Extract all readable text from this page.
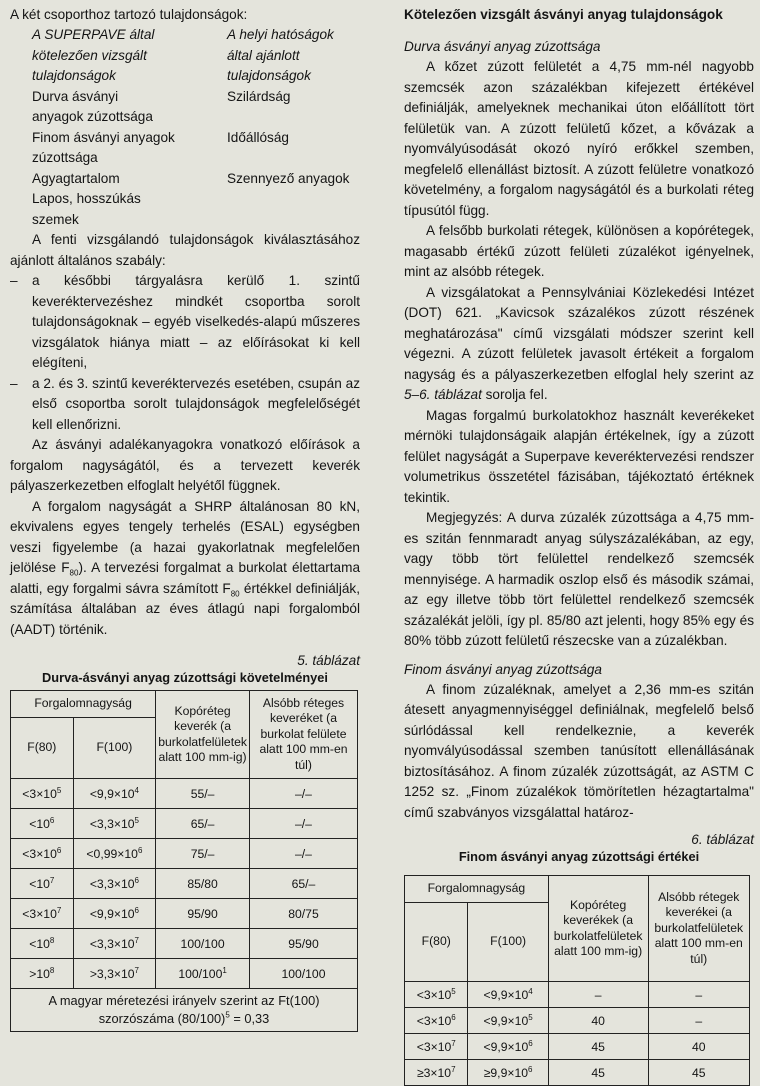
A két csoporthoz tartozó tulajdonságok:

A SUPERPAVE által	A helyi hatóságok
kötelezően vizsgált	által ajánlott
tulajdonságok	tulajdonságok
Durva ásványi	Szilárdság
anyagok zúzottsága
Finom ásványi anyagok	Időállóság
zúzottsága
Agyagtartalom	Szennyező anyagok
Lapos, hosszúkás
szemek

A fenti vizsgálandó tulajdonságok kiválasztásához ajánlott általános szabály:

–	a későbbi tárgyalásra kerülő 1. szintű keveréktervezéshez mindkét csoportba sorolt tulajdonságoknak – egyéb viselkedés-alapú műszeres vizsgálatok hiánya miatt – az előírásokat ki kell elégíteni,
–	a 2. és 3. szintű keveréktervezés esetében, csupán az első csoportba sorolt tulajdonságok megfelelőségét kell ellenőrizni.

Az ásványi adalékanyagokra vonatkozó előírások a forgalom nagyságától, és a tervezett keverék pályaszerkezetben elfoglalt helyétől függnek.

A forgalom nagyságát a SHRP általánosan 80 kN, ekvivalens egyes tengely terhelés (ESAL) egységben veszi figyelembe (a hazai gyakorlatnak megfelelően jelölése $F_{80}$). A tervezési forgalmat a burkolat élettartama alatti, egy forgalmi sávra számított $F_{80}$ értékkel definiálják, számítása általában az éves átlagú napi forgalomból (AADT) történik.

5. táblázat

Durva-ásványi anyag zúzottsági követelményei

Forgalomnagyság		Kopóréteg keverék (a burkolatfelületek alatt 100 mm-ig)	Alsóbb réteges keveréket (a burkolat felülete alatt 100 mm-en túl)
F(80)	F(100)		
$<3\times 10^5$	$<9,9\times 10^4$	55/–	–/–
$<10^6$	$<3,3\times 10^5$	65/–	–/–
$<3\times 10^6$	$<0,99\times 10^6$	75/–	–/–
$<10^7$	$<3,3\times 10^6$	85/80	65/–
$<3\times 10^7$	$<9,9\times 10^6$	95/90	80/75
$<10^8$	$<3,3\times 10^7$	100/100	95/90
$>10^8$	$>3,3\times 10^7$	$100/100^1$	100/100
A magyar méretezési irányelv szerint az Ft(100) szorzószáma $(80/100)^5 = 0,33$			

Kötelezően vizsgált ásványi anyag tulajdonságok

Durva ásványi anyag zúzottsága

A kőzet zúzott felületét a 4,75 mm-nél nagyobb szemcsék azon százalékban kifejezett értékével definiálják, amelyeknek mechanikai úton előállított tört felületük van. A zúzott felületű kőzet, a kővázak a nyomvályúsodását okozó nyíró erőkkel szemben, megfelelő ellenállást biztosít. A zúzott felületre vonatkozó követelmény, a forgalom nagyságától és a burkolati réteg típusútól függ.

A felsőbb burkolati rétegek, különösen a kopórétegek, magasabb értékű zúzott felületi zúzalékot igényelnek, mint az alsóbb rétegek.

A vizsgálatokat a Pennsylvániai Közlekedési Intézet (DOT) 621. „Kavicsok százalékos zúzott részének meghatározása" című vizsgálati módszer szerint kell végezni. A zúzott felületek javasolt értékeit a forgalom nagyság és a pályaszerkezetben elfoglal hely szerint az 5–6. táblázat sorolja fel.

Magas forgalmú burkolatokhoz használt keverékeket mérnöki tulajdonságaik alapján értékelnek, így a zúzott felület nagyságát a Superpave keveréktervezési rendszer volumetrikus összetétel fázisában, tájékoztató értéknek tekintik.

Megjegyzés: A durva zúzalék zúzottsága a 4,75 mm-es szitán fennmaradt anyag súlyszázalékában, az egy, vagy több tört felülettel rendelkező szemcsék mennyisége. A harmadik oszlop első és második számai, az egy illetve több tört felülettel rendelkező szemcsék százalékát jelöli, így pl. 85/80 azt jelenti, hogy 85% egy és 80% több zúzott felületű részecske van a zúzalékban.

Finom ásványi anyag zúzottsága

A finom zúzaléknak, amelyet a 2,36 mm-es szitán átesett anyagmennyiséggel definiálnak, megfelelő belső súrlódással kell rendelkeznie, a keverék nyomvályúsodással szemben tanúsított ellenállásának biztosításához. A finom zúzalék zúzottságát, az ASTM C 1252 sz. „Finom zúzalékok tömörítetlen hézagtartalma" című szabványos vizsgálattal határoz-

6. táblázat

Finom ásványi anyag zúzottsági értékei

Forgalomnagyság		Kopóréteg keverékek (a burkolatfelületek alatt 100 mm-ig)	Alsóbb rétegek keverékei (a burkolatfelületek alatt 100 mm-en túl)
F(80)	F(100)		
$<3\times 10^5$	$<9,9\times 10^4$	–	–
$<3\times 10^6$	$<9,9\times 10^5$	40	–
$<3\times 10^7$	$<9,9\times 10^6$	45	40
$\ge 3\times 10^7$	$\ge 9,9\times 10^6$	45	45
